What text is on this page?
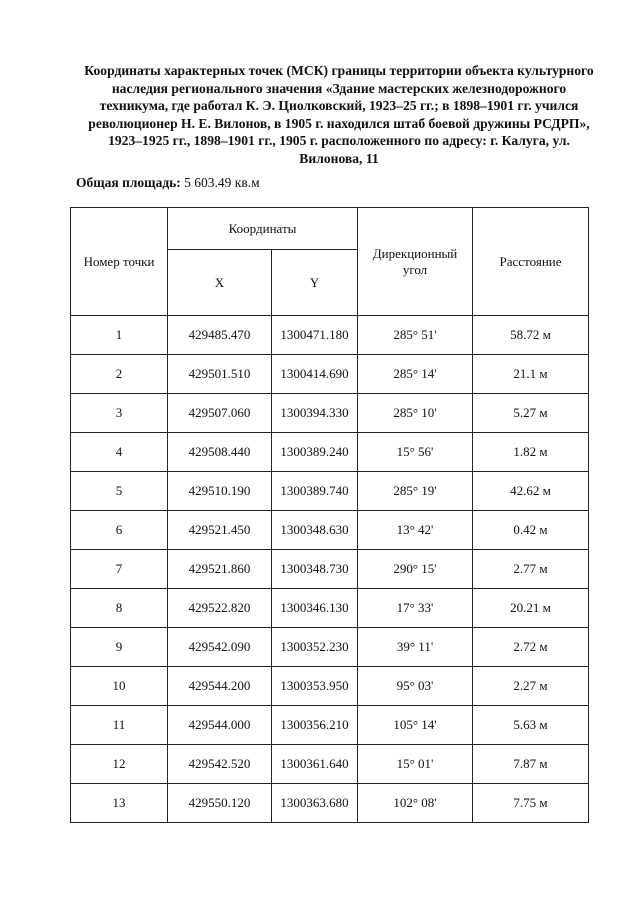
Координаты характерных точек (МСК) границы территории объекта культурного наследия регионального значения «Здание мастерских железнодорожного техникума, где работал К. Э. Циолковский, 1923–25 гг.; в 1898–1901 гг. учился революционер Н. Е. Вилонов, в 1905 г. находился штаб боевой дружины РСДРП», 1923–1925 гг., 1898–1901 гг., 1905 г. расположенного по адресу: г. Калуга, ул. Вилонова, 11
Общая площадь: 5 603.49 кв.м
Номер точки	Координаты		Дирекционный угол	Расстояние
	X	Y		
1	429485.470	1300471.180	285° 51'	58.72 м
2	429501.510	1300414.690	285° 14'	21.1 м
3	429507.060	1300394.330	285° 10'	5.27 м
4	429508.440	1300389.240	15° 56'	1.82 м
5	429510.190	1300389.740	285° 19'	42.62 м
6	429521.450	1300348.630	13° 42'	0.42 м
7	429521.860	1300348.730	290° 15'	2.77 м
8	429522.820	1300346.130	17° 33'	20.21 м
9	429542.090	1300352.230	39° 11'	2.72 м
10	429544.200	1300353.950	95° 03'	2.27 м
11	429544.000	1300356.210	105° 14'	5.63 м
12	429542.520	1300361.640	15° 01'	7.87 м
13	429550.120	1300363.680	102° 08'	7.75 м
